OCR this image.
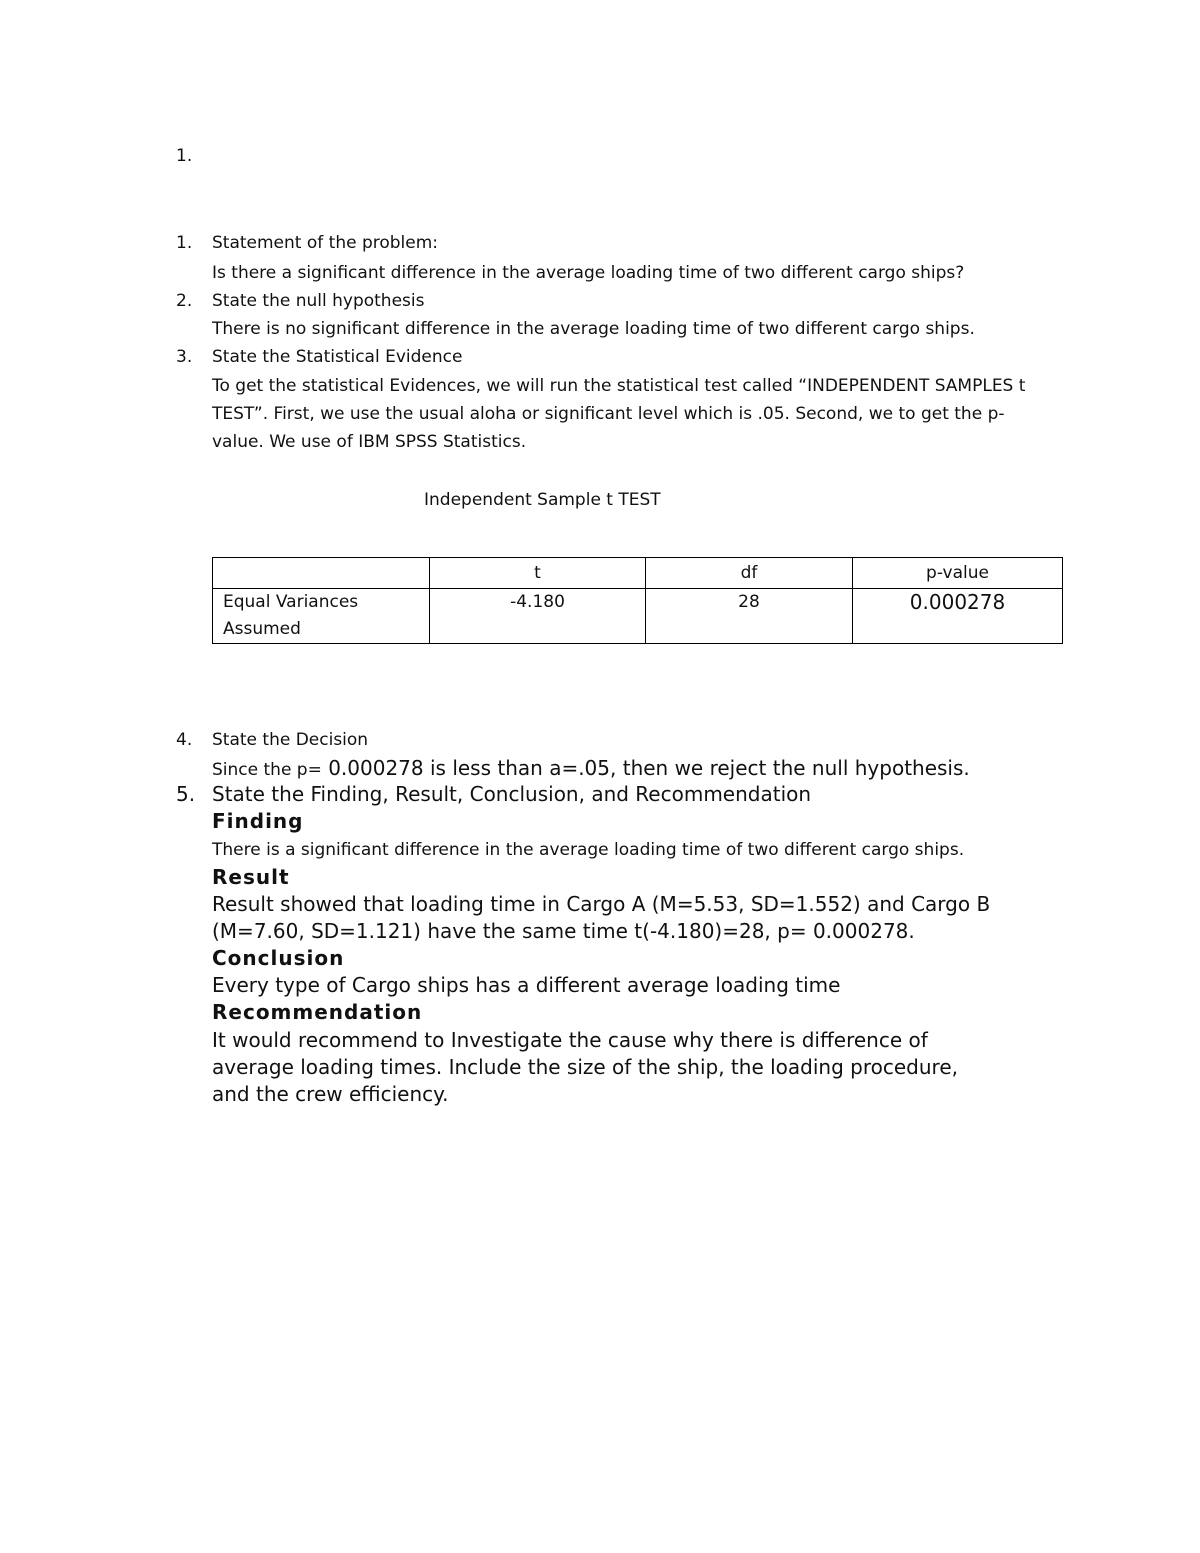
1.
1. Statement of the problem:
Is there a significant difference in the average loading time of two different cargo ships?
2. State the null hypothesis
There is no significant difference in the average loading time of two different cargo ships.
3. State the Statistical Evidence
To get the statistical Evidences, we will run the statistical test called “INDEPENDENT SAMPLES t
TEST”. First, we use the usual aloha or significant level which is .05. Second, we to get the p-
value. We use of IBM SPSS Statistics.
Independent Sample t TEST
	t	df	p-value

Equal Variances
Assumed	-4.180	28	0.000278
4. State the Decision
Since the p= 0.000278 is less than a=.05, then we reject the null hypothesis.
5. State the Finding, Result, Conclusion, and Recommendation
Finding
There is a significant difference in the average loading time of two different cargo ships.
Result
Result showed that loading time in Cargo A (M=5.53, SD=1.552) and Cargo B
(M=7.60, SD=1.121) have the same time t(-4.180)=28, p= 0.000278.
Conclusion
Every type of Cargo ships has a different average loading time
Recommendation
It would recommend to Investigate the cause why there is difference of
average loading times. Include the size of the ship, the loading procedure,
and the crew efficiency.
